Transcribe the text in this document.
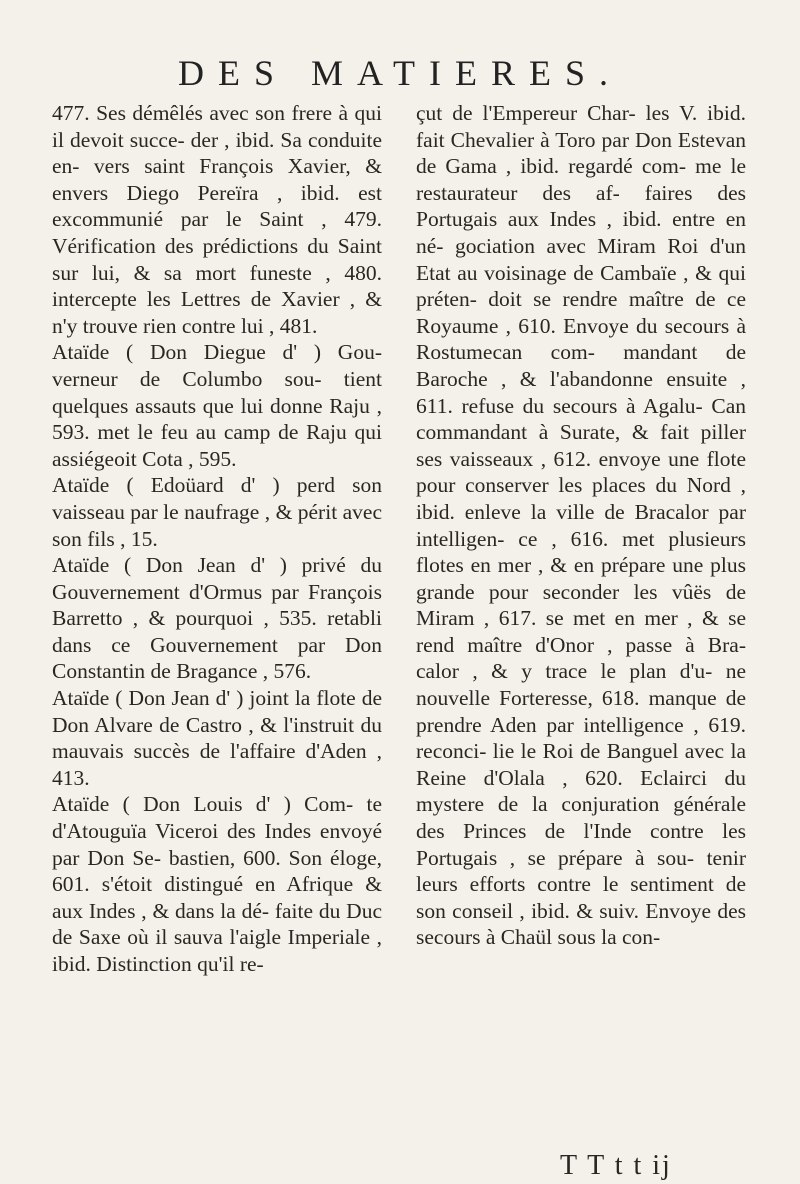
DES MATIERES.

477. Ses démêlés avec son frere à qui il devoit succe- der , ibid. Sa conduite en- vers saint François Xavier, & envers Diego Pereïra , ibid. est excommunié par le Saint , 479. Vérification des prédictions du Saint sur lui, & sa mort funeste , 480. intercepte les Lettres de Xavier , & n'y trouve rien contre lui , 481.

Ataïde ( Don Diegue d' ) Gou- verneur de Columbo sou- tient quelques assauts que lui donne Raju , 593. met le feu au camp de Raju qui assiégeoit Cota , 595.

Ataïde ( Edoüard d' ) perd son vaisseau par le naufrage , & périt avec son fils , 15.

Ataïde ( Don Jean d' ) privé du Gouvernement d'Ormus par François Barretto , & pourquoi , 535. retabli dans ce Gouvernement par Don Constantin de Bragance , 576.

Ataïde ( Don Jean d' ) joint la flote de Don Alvare de Castro , & l'instruit du mauvais succès de l'affaire d'Aden , 413.

Ataïde ( Don Louis d' ) Com- te d'Atouguïa Viceroi des Indes envoyé par Don Se- bastien, 600. Son éloge, 601. s'étoit distingué en Afrique & aux Indes , & dans la dé- faite du Duc de Saxe où il sauva l'aigle Imperiale , ibid. Distinction qu'il re-

çut de l'Empereur Char- les V. ibid. fait Chevalier à Toro par Don Estevan de Gama , ibid. regardé com- me le restaurateur des af- faires des Portugais aux Indes , ibid. entre en né- gociation avec Miram Roi d'un Etat au voisinage de Cambaïe , & qui préten- doit se rendre maître de ce Royaume , 610. Envoye du secours à Rostumecan com- mandant de Baroche , & l'abandonne ensuite , 611. refuse du secours à Agalu- Can commandant à Surate, & fait piller ses vaisseaux , 612. envoye une flote pour conserver les places du Nord , ibid. enleve la ville de Bracalor par intelligen- ce , 616. met plusieurs flotes en mer , & en prépare une plus grande pour seconder les vûës de Miram , 617. se met en mer , & se rend maître d'Onor , passe à Bra- calor , & y trace le plan d'u- ne nouvelle Forteresse, 618. manque de prendre Aden par intelligence , 619. reconci- lie le Roi de Banguel avec la Reine d'Olala , 620. Eclairci du mystere de la conjuration générale des Princes de l'Inde contre les Portugais , se prépare à sou- tenir leurs efforts contre le sentiment de son conseil , ibid. & suiv. Envoye des secours à Chaül sous la con-

T T t t ij
